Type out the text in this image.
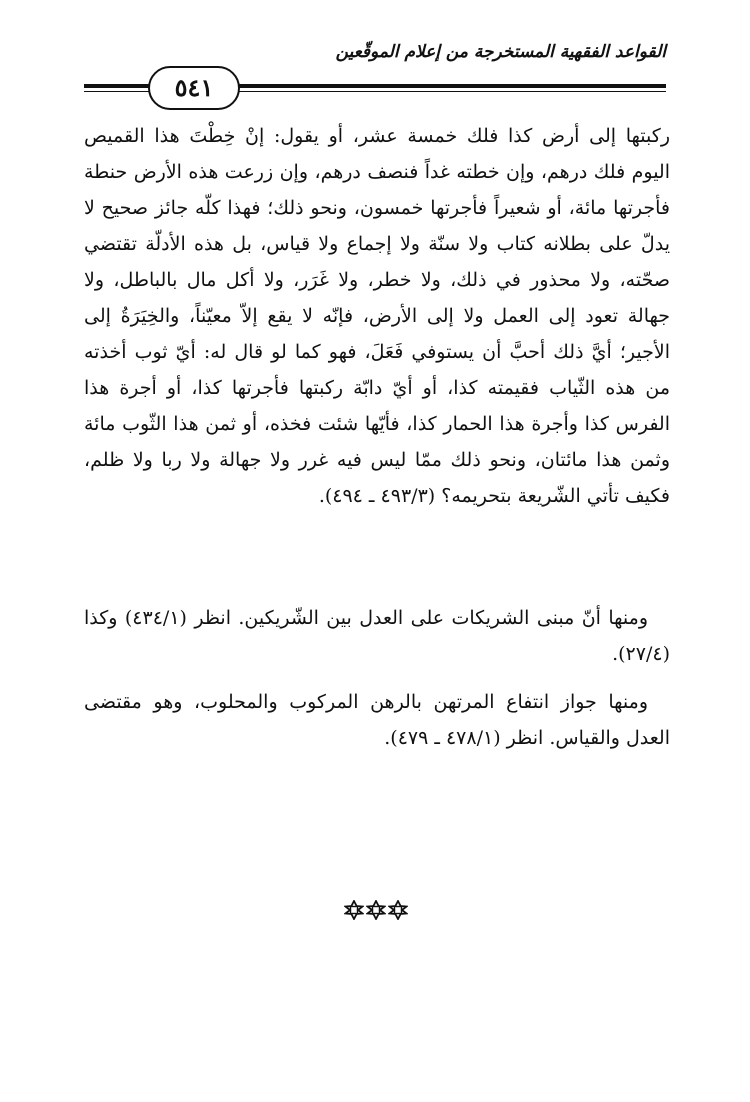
القواعد الفقهية المستخرجة من إعلام الموقّعين
٥٤١
ركبتها إلى أرض كذا فلك خمسة عشر، أو يقول: إنْ خِطْتَ هذا القميص اليوم فلك درهم، وإن خطته غداً فنصف درهم، وإن زرعت هذه الأرض حنطة فأجرتها مائة، أو شعيراً فأجرتها خمسون، ونحو ذلك؛ فهذا كلّه جائز صحيح لا يدلّ على بطلانه كتاب ولا سنّة ولا إجماع ولا قياس، بل هذه الأدلّة تقتضي صحّته، ولا محذور في ذلك، ولا خطر، ولا غَرَر، ولا أكل مال بالباطل، ولا جهالة تعود إلى العمل ولا إلى الأرض، فإنّه لا يقع إلاّ معيّناً، والخِيَرَةُ إلى الأجير؛ أيَّ ذلك أحبَّ أن يستوفي فَعَلَ، فهو كما لو قال له: أيّ ثوب أخذته من هذه الثّياب فقيمته كذا، أو أيّ دابّة ركبتها فأجرتها كذا، أو أجرة هذا الفرس كذا وأجرة هذا الحمار كذا، فأيّها شئت فخذه، أو ثمن هذا الثّوب مائة وثمن هذا مائتان، ونحو ذلك ممّا ليس فيه غرر ولا جهالة ولا ربا ولا ظلم، فكيف تأتي الشّريعة بتحريمه؟ (٤٩٣/٣ ـ ٤٩٤).
ومنها أنّ مبنى الشريكات على العدل بين الشّريكين. انظر (٤٣٤/١) وكذا (٢٧/٤).
ومنها جواز انتفاع المرتهن بالرهن المركوب والمحلوب، وهو مقتضى العدل والقياس. انظر (٤٧٨/١ ـ ٤٧٩).
